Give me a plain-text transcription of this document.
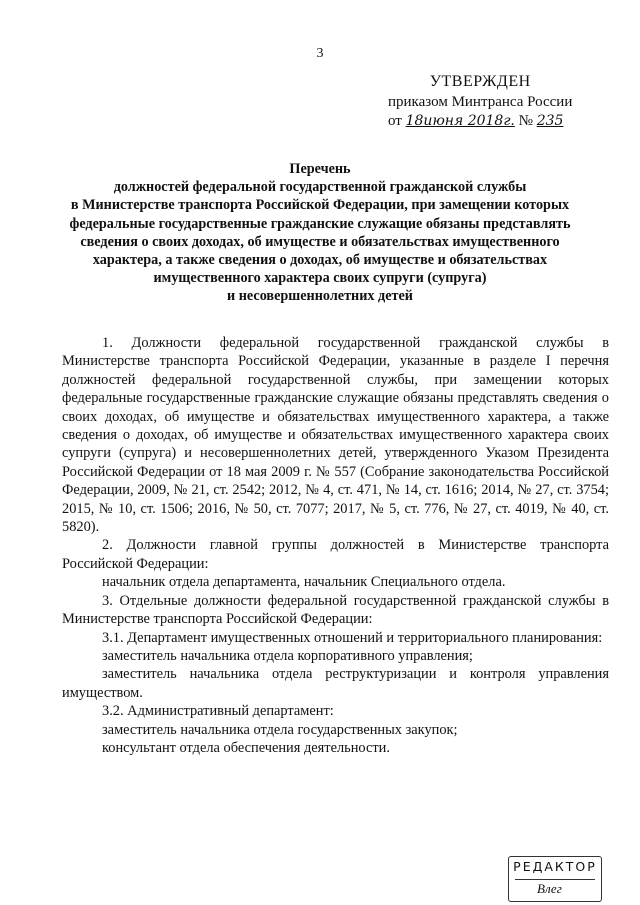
3
УТВЕРЖДЕН
приказом Минтранса России
от 18июня 2018г. № 235
Перечень
должностей федеральной государственной гражданской службы
в Министерстве транспорта Российской Федерации, при замещении которых
федеральные государственные гражданские служащие обязаны представлять
сведения о своих доходах, об имуществе и обязательствах имущественного
характера, а также сведения о доходах, об имуществе и обязательствах
имущественного характера своих супруги (супруга)
и несовершеннолетних детей

1. Должности федеральной государственной гражданской службы в Министерстве транспорта Российской Федерации, указанные в разделе I перечня должностей федеральной государственной службы, при замещении которых федеральные государственные гражданские служащие обязаны представлять сведения о своих доходах, об имуществе и обязательствах имущественного характера, а также сведения о доходах, об имуществе и обязательствах имущественного характера своих супруги (супруга) и несовершеннолетних детей, утвержденного Указом Президента Российской Федерации от 18 мая 2009 г. № 557 (Собрание законодательства Российской Федерации, 2009, № 21, ст. 2542; 2012, № 4, ст. 471, № 14, ст. 1616; 2014, № 27, ст. 3754; 2015, № 10, ст. 1506; 2016, № 50, ст. 7077; 2017, № 5, ст. 776, № 27, ст. 4019, № 40, ст. 5820).

2. Должности главной группы должностей в Министерстве транспорта Российской Федерации:

начальник отдела департамента, начальник Специального отдела.

3. Отдельные должности федеральной государственной гражданской службы в Министерстве транспорта Российской Федерации:

3.1. Департамент имущественных отношений и территориального планирования:

заместитель начальника отдела корпоративного управления;

заместитель начальника отдела реструктуризации и контроля управления имуществом.

3.2. Административный департамент:

заместитель начальника отдела государственных закупок;

консультант отдела обеспечения деятельности.

РЕДАКТОР
Влег
